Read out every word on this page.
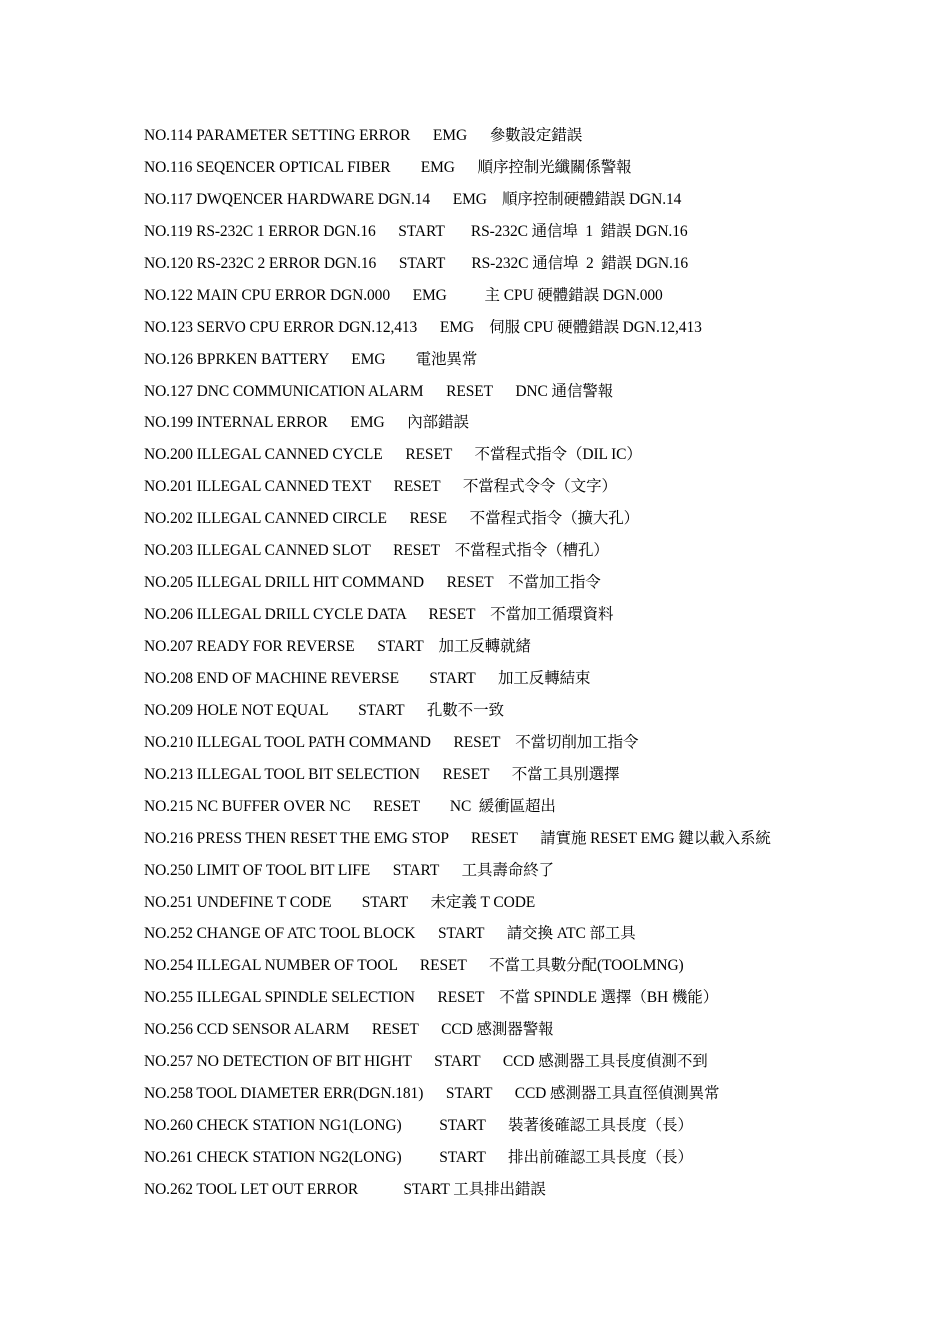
NO.114 PARAMETER SETTING ERROR      EMG      參數設定錯誤
NO.116 SEQENCER OPTICAL FIBER        EMG      順序控制光纖關係警報
NO.117 DWQENCER HARDWARE DGN.14      EMG    順序控制硬體錯誤 DGN.14
NO.119 RS-232C 1 ERROR DGN.16      START       RS-232C 通信埠  1  錯誤 DGN.16
NO.120 RS-232C 2 ERROR DGN.16      START       RS-232C 通信埠  2  錯誤 DGN.16
NO.122 MAIN CPU ERROR DGN.000      EMG          主 CPU 硬體錯誤 DGN.000
NO.123 SERVO CPU ERROR DGN.12,413      EMG    伺服 CPU 硬體錯誤 DGN.12,413
NO.126 BPRKEN BATTERY      EMG        電池異常
NO.127 DNC COMMUNICATION ALARM      RESET      DNC 通信警報
NO.199 INTERNAL ERROR      EMG      內部錯誤
NO.200 ILLEGAL CANNED CYCLE      RESET      不當程式指令（DIL IC）
NO.201 ILLEGAL CANNED TEXT      RESET      不當程式令令（文字）
NO.202 ILLEGAL CANNED CIRCLE      RESE      不當程式指令（擴大孔）
NO.203 ILLEGAL CANNED SLOT      RESET    不當程式指令（槽孔）
NO.205 ILLEGAL DRILL HIT COMMAND      RESET    不當加工指令
NO.206 ILLEGAL DRILL CYCLE DATA      RESET    不當加工循環資料
NO.207 READY FOR REVERSE      START    加工反轉就緒
NO.208 END OF MACHINE REVERSE        START      加工反轉結束
NO.209 HOLE NOT EQUAL        START      孔數不一致
NO.210 ILLEGAL TOOL PATH COMMAND      RESET    不當切削加工指令
NO.213 ILLEGAL TOOL BIT SELECTION      RESET      不當工具別選擇
NO.215 NC BUFFER OVER NC      RESET        NC  緩衝區超出
NO.216 PRESS THEN RESET THE EMG STOP      RESET      請實施 RESET EMG 鍵以載入系統
NO.250 LIMIT OF TOOL BIT LIFE      START      工具壽命終了
NO.251 UNDEFINE T CODE        START      未定義 T CODE
NO.252 CHANGE OF ATC TOOL BLOCK      START      請交換 ATC 部工具
NO.254 ILLEGAL NUMBER OF TOOL      RESET      不當工具數分配(TOOLMNG)
NO.255 ILLEGAL SPINDLE SELECTION      RESET    不當 SPINDLE 選擇（BH 機能）
NO.256 CCD SENSOR ALARM      RESET      CCD 感測器警報
NO.257 NO DETECTION OF BIT HIGHT      START      CCD 感測器工具長度偵測不到
NO.258 TOOL DIAMETER ERR(DGN.181)      START      CCD 感測器工具直徑偵測異常
NO.260 CHECK STATION NG1(LONG)          START      裝著後確認工具長度（長）
NO.261 CHECK STATION NG2(LONG)          START      排出前確認工具長度（長）
NO.262 TOOL LET OUT ERROR            START 工具排出錯誤
